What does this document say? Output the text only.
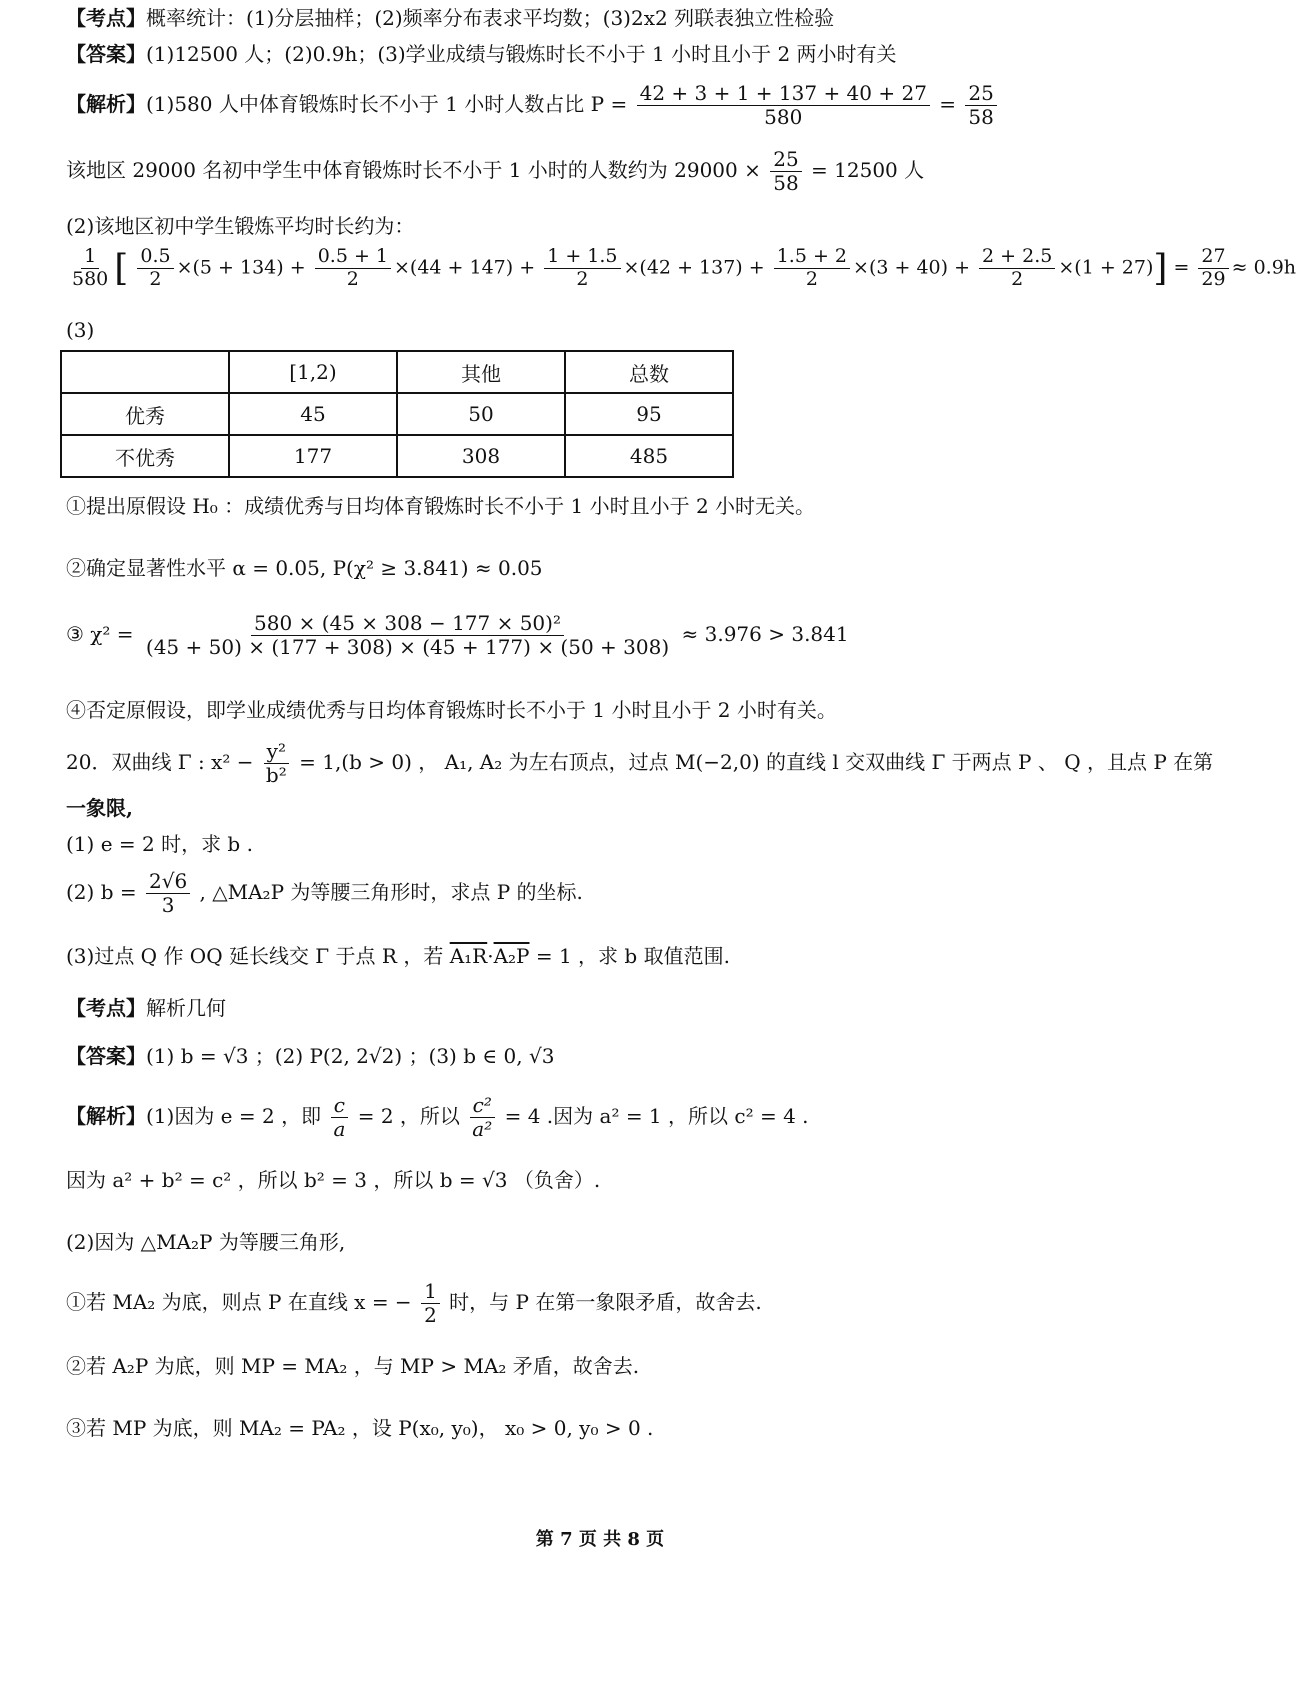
【考点】概率统计：(1)分层抽样；(2)频率分布表求平均数；(3)2x2 列联表独立性检验
【答案】(1)12500 人；(2)0.9h；(3)学业成绩与锻炼时长不小于 1 小时且小于 2 两小时有关
【解析】(1)580 人中体育锻炼时长不小于 1 小时人数占比 $P = \frac{42 + 3 + 1 + 137 + 40 + 27}{580} = \frac{25}{58}$
该地区 29000 名初中学生中体育锻炼时长不小于 1 小时的人数约为 $29000 \times \frac{25}{58} = 12500$ 人
(2)该地区初中学生锻炼平均时长约为：
$\frac{1}{580}$ [ $\frac{0.5}{2} \times(5 + 134) + \frac{0.5 + 1}{2} \times(44 + 147) + \frac{1 + 1.5}{2} \times(42 + 137) + \frac{1.5 + 2}{2} \times(3 + 40) + \frac{2 + 2.5}{2} \times(1 + 27)] = \frac{27}{29} \approx 0.9h$
(3)
	[1,2)	其他	总数
优秀	45	50	95
不优秀	177	308	485
①提出原假设 H₀ ：成绩优秀与日均体育锻炼时长不小于 1 小时且小于 2 小时无关。
②确定显著性水平 α = 0.05, P(χ² ≥ 3.841) ≈ 0.05
③ $\chi^2 = \frac{\text{580 × (45 × 308 − 177 × 50)²}}{(45 + 50) \times (177 + 308) \times (45 + 177) \times (50 + 308)} \approx 3.976 > 3.841$
④否定原假设，即学业成绩优秀与日均体育锻炼时长不小于 1 小时且小于 2 小时有关。
20．双曲线 Γ : $x^2 - \frac{\text{y²}}{\text{b²}} = 1,(b > 0)$ ， A₁, A₂ 为左右顶点，过点 M(−2,0) 的直线 l 交双曲线 Γ 于两点 P 、 Q ，且点 P 在第
一象限,
(1) e = 2 时，求 b .
(2) $b = \frac{2√6}{3}$ , △MA₂P 为等腰三角形时，求点 P 的坐标.
(3)过点 Q 作 OQ 延长线交 Γ 于点 R ，若 A₁R·A₂P = 1 ，求 b 取值范围.
【考点】解析几何
【答案】(1) b = √3 ；(2) P(2, 2√2) ；(3) b ∈ 0, √3
【解析】(1)因为 e = 2 ，即 $\frac{c}{a} = 2$ ，所以 $\frac{\text{c²}}{\text{a²}} = 4$ .因为 a² = 1 ，所以 c² = 4 .
因为 a² + b² = c² ，所以 b² = 3 ，所以 b = √3 （负舍）.
(2)因为 △MA₂P 为等腰三角形,
①若 MA₂ 为底，则点 P 在直线 x = − $\frac{1}{2}$ 时，与 P 在第一象限矛盾，故舍去.
②若 A₂P 为底，则 MP = MA₂ ，与 MP > MA₂ 矛盾，故舍去.
③若 MP 为底，则 MA₂ = PA₂ ，设 P(x₀, y₀)， x₀ > 0, y₀ > 0 .
第 7 页 共 8 页
